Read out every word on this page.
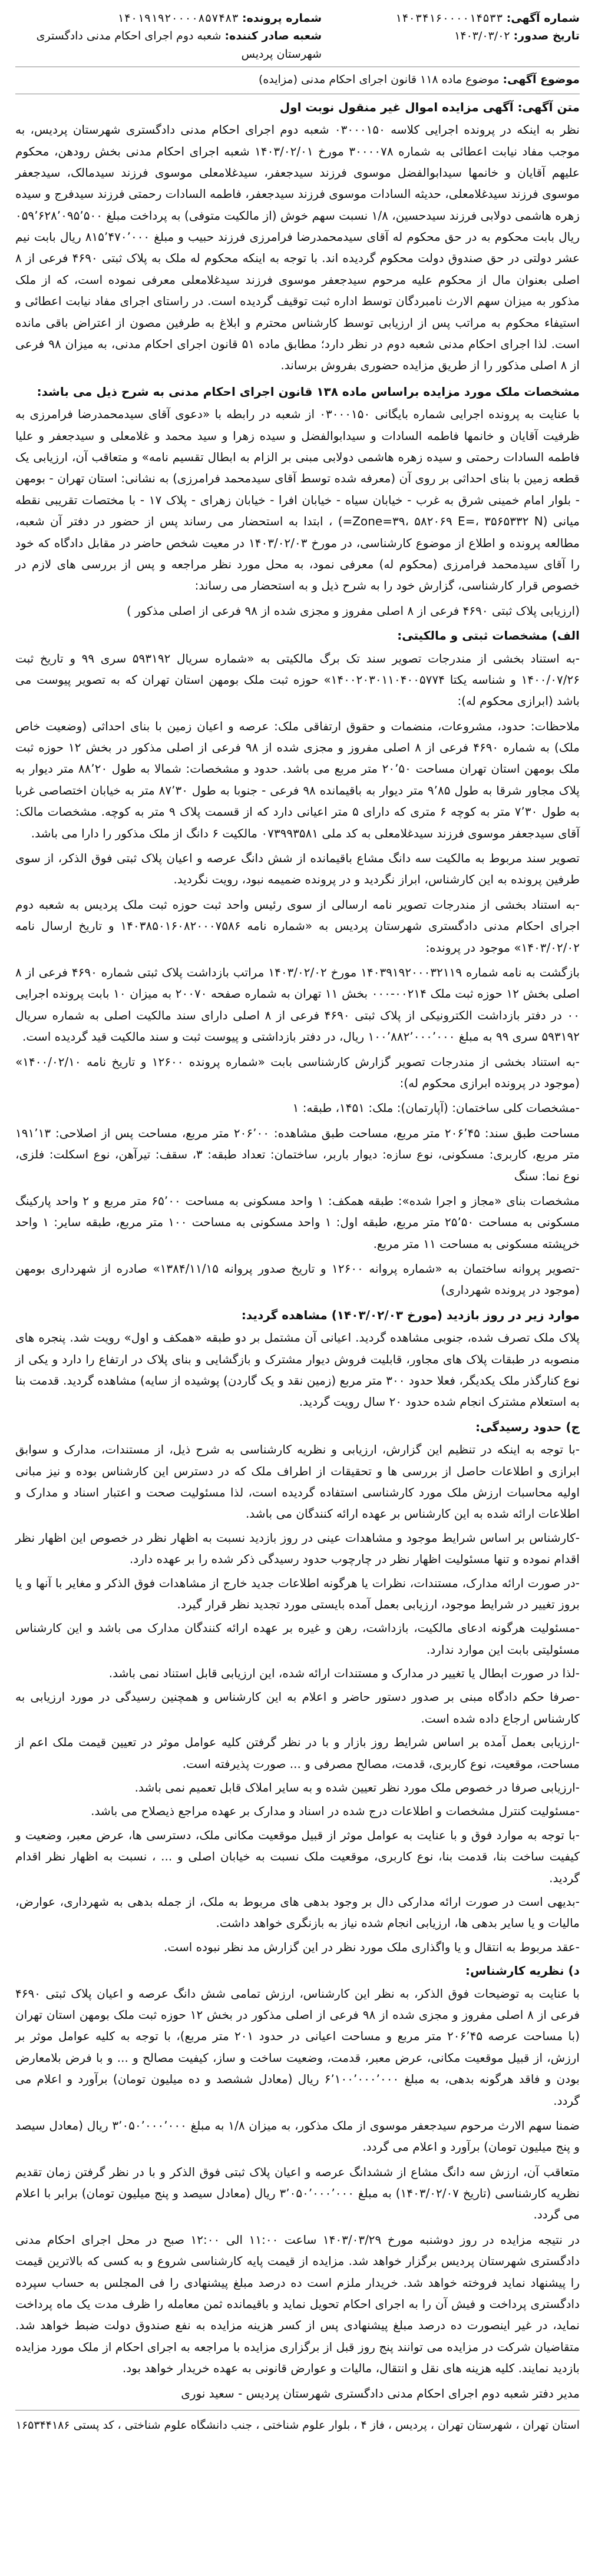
شماره آگهی: ۱۴۰۳۴۱۶۰۰۰۰۱۴۵۳۳
تاریخ صدور: ۱۴۰۳/۰۳/۰۲
شماره پرونده: ۱۴۰۱۹۱۹۲۰۰۰۰۸۵۷۴۸۳
شعبه صادر کننده: شعبه دوم اجرای احکام مدنی دادگستری شهرستان پردیس
موضوع آگهی: موضوع ماده ۱۱۸ قانون اجرای احکام مدنی (مزایده)
متن آگهی: آگهی مزایده اموال غیر منقول نوبت اول

نظر به اینکه در پرونده اجرایی کلاسه ۰۳۰۰۰۱۵۰ شعبه دوم اجرای احکام مدنی دادگستری شهرستان پردیس، به موجب مفاد نیابت اعطائی به شماره ۳۰۰۰۰۷۸ مورخ ۱۴۰۳/۰۲/۰۱ شعبه اجرای احکام مدنی بخش رودهن، محکوم علیهم آقایان و خانمها سیدابوالفضل موسوی فرزند سیدجعفر، سیدغلامعلی موسوی فرزند سیدمالک، سیدجعفر موسوی فرزند سیدغلامعلی، حدیثه السادات موسوی فرزند سیدجعفر، فاطمه السادات رحمتی فرزند سیدفرج و سیده زهره هاشمی دولابی فرزند سیدحسین، ۱/۸ نسبت سهم خوش (از مالکیت متوفی) به پرداخت مبلغ ۰۵۹٬۶۲۸٬۰۹۵٬۵۰۰ ریال بابت محکوم به در حق محکوم له آقای سیدمحمدرضا فرامرزی فرزند حبیب و مبلغ ۸۱۵٬۴۷۰٬۰۰۰ ریال بابت نیم عشر دولتی در حق صندوق دولت محکوم گردیده اند. با توجه به اینکه محکوم له ملک به پلاک ثبتی ۴۶۹۰ فرعی از ۸ اصلی بعنوان مال از محکوم علیه مرحوم سیدجعفر موسوی فرزند سیدغلامعلی معرفی نموده است، که از ملک مذکور به میزان سهم الارث نامبردگان توسط اداره ثبت توقیف گردیده است. در راستای اجرای مفاد نیابت اعطائی و استیفاء محکوم به مراتب پس از ارزیابی توسط کارشناس محترم و ابلاغ به طرفین مصون از اعتراض باقی مانده است. لذا اجرای احکام مدنی شعبه دوم در نظر دارد؛ مطابق ماده ۵۱ قانون اجرای احکام مدنی، به میزان ۹۸ فرعی از ۸ اصلی مذکور را از طریق مزایده حضوری بفروش برساند.

مشخصات ملک مورد مزایده براساس ماده ۱۳۸ قانون اجرای احکام مدنی به شرح ذیل می باشد:

با عنایت به پرونده اجرایی شماره بایگانی ۰۳۰۰۰۱۵۰ از شعبه در رابطه با «دعوی آقای سیدمحمدرضا فرامرزی به ظرفیت آقایان و خانمها فاطمه السادات و سیدابوالفضل و سیده زهرا و سید محمد و غلامعلی و سیدجعفر و علیا فاطمه السادات رحمتی و سیده زهره هاشمی دولابی مبنی بر الزام به ابطال تقسیم نامه» و متعاقب آن، ارزیابی یک قطعه زمین با بنای احداثی بر روی آن (معرفه شده توسط آقای سیدمحمد فرامرزی) به نشانی: استان تهران - بومهن - بلوار امام خمینی شرق به غرب - خیابان سیاه - خیابان افرا - خیابان زهرای - پلاک ۱۷ - با مختصات تقریبی نقطه میانی (Zone=۳۹، ۵۸۲۰۶۹ E=، ۳۵۶۵۳۳۲ N=) ، ابتدا به استحضار می رساند پس از حضور در دفتر آن شعبه، مطالعه پرونده و اطلاع از موضوع کارشناسی، در مورخ ۱۴۰۳/۰۲/۰۳ در معیت شخص حاضر در مقابل دادگاه که خود را آقای سیدمحمد فرامرزی (محکوم له) معرفی نمود، به محل مورد نظر مراجعه و پس از بررسی های لازم در خصوص قرار کارشناسی، گزارش خود را به شرح ذیل و به استحضار می رساند:

(ارزیابی پلاک ثبتی ۴۶۹۰ فرعی از ۸ اصلی مفروز و مجزی شده از ۹۸ فرعی از اصلی مذکور )

الف) مشخصات ثبتی و مالکیتی:

-به استناد بخشی از مندرجات تصویر سند تک برگ مالکیتی به «شماره سریال ۵۹۳۱۹۲ سری ۹۹ و تاریخ ثبت ۱۴۰۰/۰۷/۲۶ و شناسه یکتا ۱۴۰۰۲۰۳۰۱۱۰۴۰۰۵۷۷۴» حوزه ثبت ملک بومهن استان تهران که به تصویر پیوست می باشد (ابرازی محکوم له):

ملاحظات: حدود، مشروعات، منضمات و حقوق ارتفاقی ملک: عرصه و اعیان زمین با بنای احداثی (وضعیت خاص ملک) به شماره ۴۶۹۰ فرعی از ۸ اصلی مفروز و مجزی شده از ۹۸ فرعی از اصلی مذکور در بخش ۱۲ حوزه ثبت ملک بومهن استان تهران مساحت ۲۰٬۵۰ متر مربع می باشد. حدود و مشخصات: شمالا به طول ۸۸٬۲۰ متر دیوار به پلاک مجاور شرقا به طول ۹٬۸۵ متر دیوار به باقیمانده ۹۸ فرعی - جنوبا به طول ۸۷٬۳۰ متر به خیابان اختصاصی غربا به طول ۷٬۳۰ متر به کوچه ۶ متری که دارای ۵ متر اعیانی دارد که از قسمت پلاک ۹ متر به کوچه. مشخصات مالک: آقای سیدجعفر موسوی فرزند سیدغلامعلی به کد ملی ۰۷۳۹۹۳۵۸۱ مالکیت ۶ دانگ از ملک مذکور را دارا می باشد.

تصویر سند مربوط به مالکیت سه دانگ مشاع باقیمانده از شش دانگ عرصه و اعیان پلاک ثبتی فوق الذکر، از سوی طرفین پرونده به این کارشناس، ابراز نگردید و در پرونده ضمیمه نبود، رویت نگردید.

-به استناد بخشی از مندرجات تصویر نامه ارسالی از سوی رئیس واحد ثبت حوزه ثبت ملک پردیس به شعبه دوم اجرای احکام مدنی دادگستری شهرستان پردیس به «شماره نامه ۱۴۰۳۸۵۰۱۶۰۸۲۰۰۰۷۵۸۶ و تاریخ ارسال نامه ۱۴۰۳/۰۲/۰۲» موجود در پرونده:

بازگشت به نامه شماره ۱۴۰۳۹۱۹۲۰۰۰۳۲۱۱۹ مورخ ۱۴۰۳/۰۲/۰۲ مراتب بازداشت پلاک ثبتی شماره ۴۶۹۰ فرعی از ۸ اصلی بخش ۱۲ حوزه ثبت ملک ۰۰۲۱۴-۰۰۰ بخش ۱۱ تهران به شماره صفحه ۲۰۰۷۰ به میزان ۱۰ بابت پرونده اجرایی ۰۰ در دفتر بازداشت الکترونیکی از پلاک ثبتی ۴۶۹۰ فرعی از ۸ اصلی دارای سند مالکیت اصلی به شماره سریال ۵۹۳۱۹۲ سری ۹۹ به مبلغ ۱۰۰٬۸۸۲٬۰۰۰٬۰۰۰ ریال، در دفتر بازداشتی و پیوست ثبت و سند مالکیت قید گردیده است.

-به استناد بخشی از مندرجات تصویر گزارش کارشناسی بابت «شماره پرونده ۱۲۶۰۰ و تاریخ نامه ۱۴۰۰/۰۲/۱۰» (موجود در پرونده ابرازی محکوم له):

-مشخصات کلی ساختمان: (آپارتمان): ملک: ۱۴۵۱، طبقه: ۱

مساحت طبق سند: ۲۰۶٬۴۵ متر مربع، مساحت طبق مشاهده: ۲۰۶٬۰۰ متر مربع، مساحت پس از اصلاحی: ۱۹۱٬۱۳ متر مربع، کاربری: مسکونی، نوع سازه: دیوار باربر، ساختمان: تعداد طبقه: ۳، سقف: تیرآهن، نوع اسکلت: فلزی، نوع نما: سنگ

مشخصات بنای «مجاز و اجرا شده»: طبقه همکف: ۱ واحد مسکونی به مساحت ۶۵٬۰۰ متر مربع و ۲ واحد پارکینگ مسکونی به مساحت ۲۵٬۵۰ متر مربع، طبقه اول: ۱ واحد مسکونی به مساحت ۱۰۰ متر مربع، طبقه سایر: ۱ واحد خرپشته مسکونی به مساحت ۱۱ متر مربع.

-تصویر پروانه ساختمان به «شماره پروانه ۱۲۶۰۰ و تاریخ صدور پروانه ۱۳۸۴/۱۱/۱۵» صادره از شهرداری بومهن (موجود در پرونده شهرداری)

موارد زیر در روز بازدید (مورخ ۱۴۰۳/۰۲/۰۳) مشاهده گردید:

پلاک ملک تصرف شده، جنوبی مشاهده گردید. اعیانی آن مشتمل بر دو طبقه «همکف و اول» رویت شد. پنجره های منصوبه در طبقات پلاک های مجاور، قابلیت فروش دیوار مشترک و بازگشایی و بنای پلاک در ارتفاع را دارد و یکی از نوع کنارگذر ملک یکدیگر، فعلا حدود ۳۰۰ متر مربع (زمین نقد و یک گاردن) پوشیده از سایه) مشاهده گردید. قدمت بنا به استعلام مشترک انجام شده حدود ۲۰ سال رویت گردید.

ج) حدود رسیدگی:

-با توجه به اینکه در تنظیم این گزارش، ارزیابی و نظریه کارشناسی به شرح ذیل، از مستندات، مدارک و سوابق ابرازی و اطلاعات حاصل از بررسی ها و تحقیقات از اطراف ملک که در دسترس این کارشناس بوده و نیز مبانی اولیه محاسبات ارزش ملک مورد کارشناسی استفاده گردیده است، لذا مسئولیت صحت و اعتبار اسناد و مدارک و اطلاعات ارائه شده به این کارشناس بر عهده ارائه کنندگان می باشد.

-کارشناس بر اساس شرایط موجود و مشاهدات عینی در روز بازدید نسبت به اظهار نظر در خصوص این اظهار نظر اقدام نموده و تنها مسئولیت اظهار نظر در چارچوب حدود رسیدگی ذکر شده را بر عهده دارد.

-در صورت ارائه مدارک، مستندات، نظرات یا هرگونه اطلاعات جدید خارج از مشاهدات فوق الذکر و مغایر با آنها و یا بروز تغییر در شرایط موجود، ارزیابی بعمل آمده بایستی مورد تجدید نظر قرار گیرد.

-مسئولیت هرگونه ادعای مالکیت، بازداشت، رهن و غیره بر عهده ارائه کنندگان مدارک می باشد و این کارشناس مسئولیتی بابت این موارد ندارد.

-لذا در صورت ابطال یا تغییر در مدارک و مستندات ارائه شده، این ارزیابی قابل استناد نمی باشد.

-صرفا حکم دادگاه مبنی بر صدور دستور حاضر و اعلام به این کارشناس و همچنین رسیدگی در مورد ارزیابی به کارشناس ارجاع داده شده است.

-ارزیابی بعمل آمده بر اساس شرایط روز بازار و با در نظر گرفتن کلیه عوامل موثر در تعیین قیمت ملک اعم از مساحت، موقعیت، نوع کاربری، قدمت، مصالح مصرفی و ... صورت پذیرفته است.

-ارزیابی صرفا در خصوص ملک مورد نظر تعیین شده و به سایر املاک قابل تعمیم نمی باشد.

-مسئولیت کنترل مشخصات و اطلاعات درج شده در اسناد و مدارک بر عهده مراجع ذیصلاح می باشد.

-با توجه به موارد فوق و با عنایت به عوامل موثر از قبیل موقعیت مکانی ملک، دسترسی ها، عرض معبر، وضعیت و کیفیت ساخت بنا، قدمت بنا، نوع کاربری، موقعیت ملک نسبت به خیابان اصلی و ... ، نسبت به اظهار نظر اقدام گردید.

-بدیهی است در صورت ارائه مدارکی دال بر وجود بدهی های مربوط به ملک، از جمله بدهی به شهرداری، عوارض، مالیات و یا سایر بدهی ها، ارزیابی انجام شده نیاز به بازنگری خواهد داشت.

-عقد مربوط به انتقال و یا واگذاری ملک مورد نظر در این گزارش مد نظر نبوده است.

د) نظریه کارشناس:

با عنایت به توضیحات فوق الذکر، به نظر این کارشناس، ارزش تمامی شش دانگ عرصه و اعیان پلاک ثبتی ۴۶۹۰ فرعی از ۸ اصلی مفروز و مجزی شده از ۹۸ فرعی از اصلی مذکور در بخش ۱۲ حوزه ثبت ملک بومهن استان تهران (با مساحت عرصه ۲۰۶٬۴۵ متر مربع و مساحت اعیانی در حدود ۲۰۱ متر مربع)، با توجه به کلیه عوامل موثر بر ارزش، از قبیل موقعیت مکانی، عرض معبر، قدمت، وضعیت ساخت و ساز، کیفیت مصالح و ... و با فرض بلامعارض بودن و فاقد هرگونه بدهی، به مبلغ ۶٬۱۰۰٬۰۰۰٬۰۰۰ ریال (معادل ششصد و ده میلیون تومان) برآورد و اعلام می گردد.

ضمنا سهم الارث مرحوم سیدجعفر موسوی از ملک مذکور، به میزان ۱/۸ به مبلغ ۳٬۰۵۰٬۰۰۰٬۰۰۰ ریال (معادل سیصد و پنج میلیون تومان) برآورد و اعلام می گردد.

متعاقب آن، ارزش سه دانگ مشاع از ششدانگ عرصه و اعیان پلاک ثبتی فوق الذکر و با در نظر گرفتن زمان تقدیم نظریه کارشناسی (تاریخ ۱۴۰۳/۰۲/۰۷) به مبلغ ۳٬۰۵۰٬۰۰۰٬۰۰۰ ریال (معادل سیصد و پنج میلیون تومان) برابر با اعلام می گردد.

در نتیجه مزایده در روز دوشنبه مورخ ۱۴۰۳/۰۳/۲۹ ساعت ۱۱:۰۰ الی ۱۲:۰۰ صبح در محل اجرای احکام مدنی دادگستری شهرستان پردیس برگزار خواهد شد. مزایده از قیمت پایه کارشناسی شروع و به کسی که بالاترین قیمت را پیشنهاد نماید فروخته خواهد شد. خریدار ملزم است ده درصد مبلغ پیشنهادی را فی المجلس به حساب سپرده دادگستری پرداخت و فیش آن را به اجرای احکام تحویل نماید و باقیمانده ثمن معامله را ظرف مدت یک ماه پرداخت نماید، در غیر اینصورت ده درصد مبلغ پیشنهادی پس از کسر هزینه مزایده به نفع صندوق دولت ضبط خواهد شد. متقاضیان شرکت در مزایده می توانند پنج روز قبل از برگزاری مزایده با مراجعه به اجرای احکام از ملک مورد مزایده بازدید نمایند. کلیه هزینه های نقل و انتقال، مالیات و عوارض قانونی به عهده خریدار خواهد بود.

مدیر دفتر شعبه دوم اجرای احکام مدنی دادگستری شهرستان پردیس - سعید نوری

استان تهران ، شهرستان تهران ، پردیس ، فاز ۴ ، بلوار علوم شناختی ، جنب دانشگاه علوم شناختی ، کد پستی ۱۶۵۳۴۴۱۸۶
